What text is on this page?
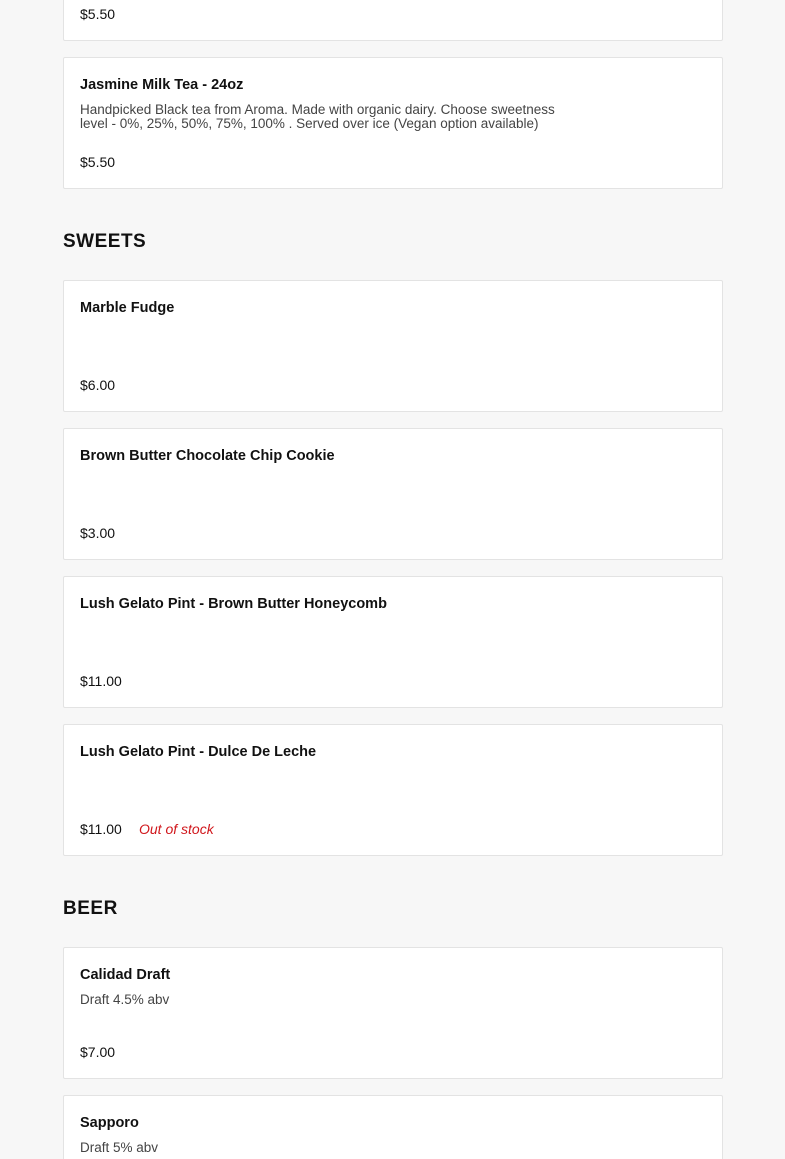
$5.50
Jasmine Milk Tea - 24oz
Handpicked Black tea from Aroma. Made with organic dairy. Choose sweetness
level - 0%, 25%, 50%, 75%, 100% . Served over ice (Vegan option available)
$5.50
SWEETS
Marble Fudge
$6.00
Brown Butter Chocolate Chip Cookie
$3.00
Lush Gelato Pint - Brown Butter Honeycomb
$11.00
Lush Gelato Pint - Dulce De Leche
$11.00 Out of stock
BEER
Calidad Draft
Draft 4.5% abv
$7.00
Sapporo
Draft 5% abv
